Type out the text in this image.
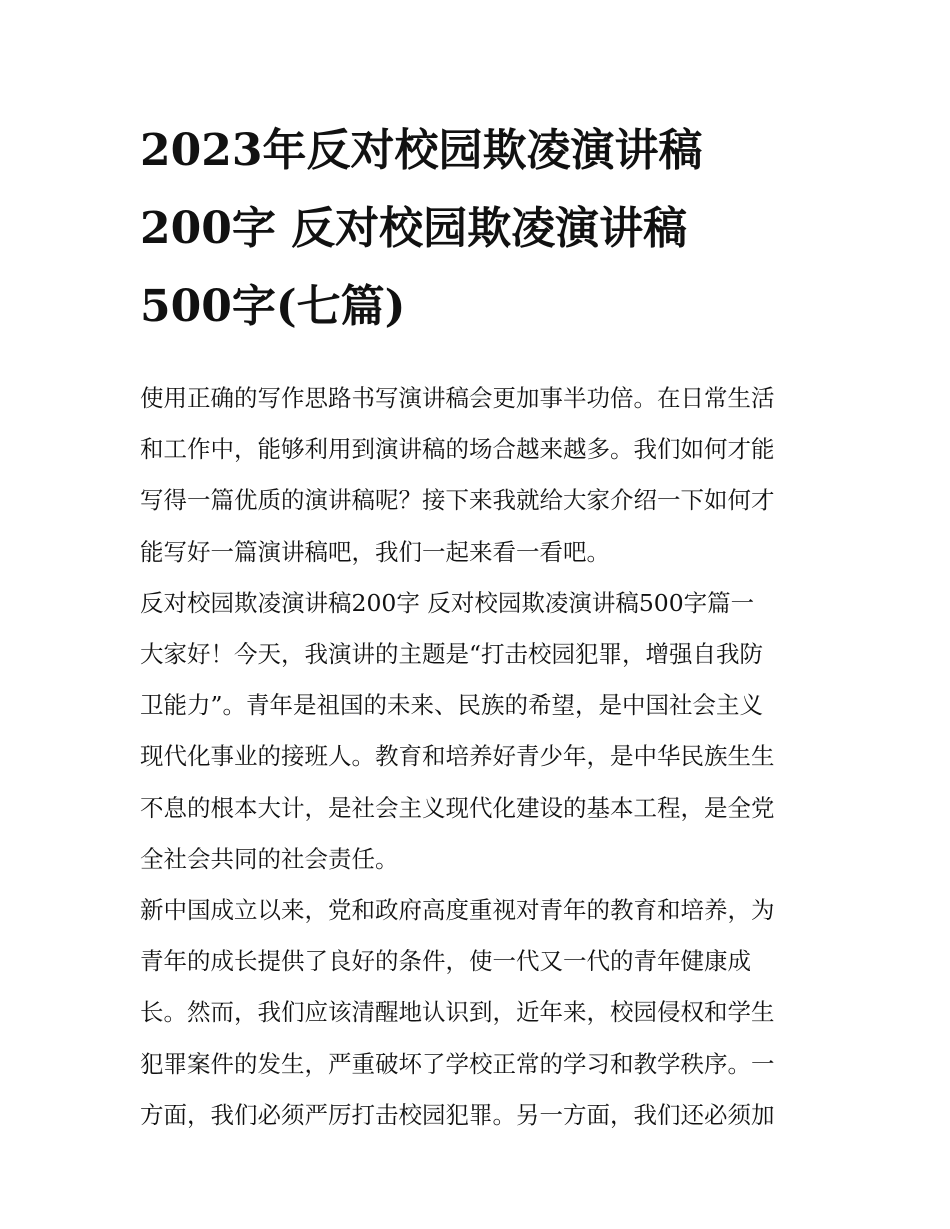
2023年反对校园欺凌演讲稿
200字 反对校园欺凌演讲稿
500字(七篇)

使用正确的写作思路书写演讲稿会更加事半功倍。在日常生活
和工作中，能够利用到演讲稿的场合越来越多。我们如何才能
写得一篇优质的演讲稿呢？接下来我就给大家介绍一下如何才
能写好一篇演讲稿吧，我们一起来看一看吧。

反对校园欺凌演讲稿200字 反对校园欺凌演讲稿500字篇一

大家好！今天，我演讲的主题是“打击校园犯罪，增强自我防
卫能力”。青年是祖国的未来、民族的希望，是中国社会主义
现代化事业的接班人。教育和培养好青少年，是中华民族生生
不息的根本大计，是社会主义现代化建设的基本工程，是全党
全社会共同的社会责任。

新中国成立以来，党和政府高度重视对青年的教育和培养，为
青年的成长提供了良好的条件，使一代又一代的青年健康成
长。然而，我们应该清醒地认识到，近年来，校园侵权和学生
犯罪案件的发生，严重破坏了学校正常的学习和教学秩序。一
方面，我们必须严厉打击校园犯罪。另一方面，我们还必须加
